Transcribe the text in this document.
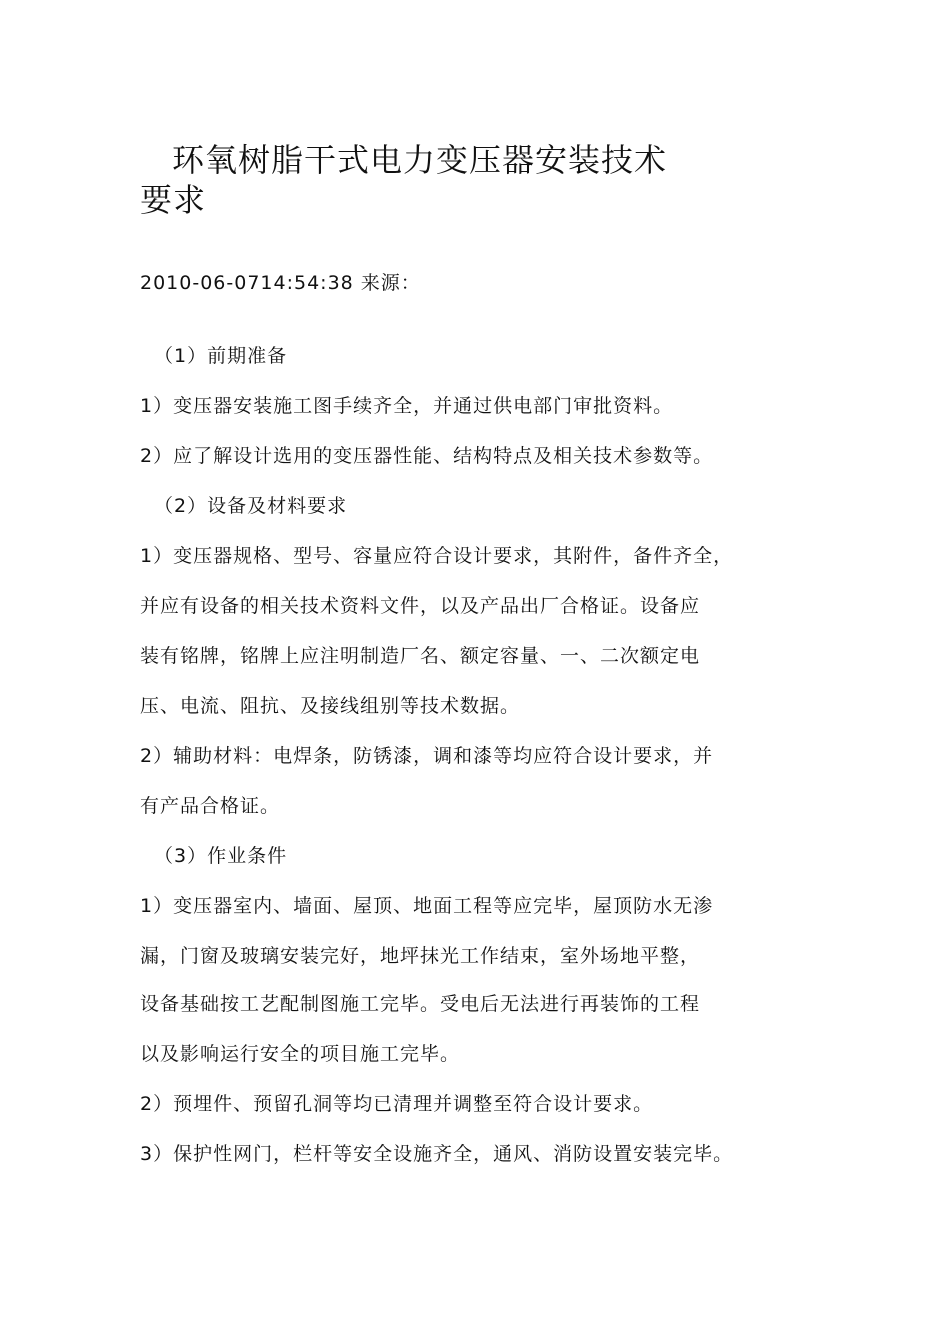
环氧树脂干式电力变压器安装技术
要求
2010-06-0714:54:38 来源：
（1）前期准备
1）变压器安装施工图手续齐全，并通过供电部门审批资料。
2）应了解设计选用的变压器性能、结构特点及相关技术参数等。
（2）设备及材料要求
1）变压器规格、型号、容量应符合设计要求，其附件，备件齐全，
并应有设备的相关技术资料文件，以及产品出厂合格证。设备应
装有铭牌，铭牌上应注明制造厂名、额定容量、一、二次额定电
压、电流、阻抗、及接线组别等技术数据。
2）辅助材料：电焊条，防锈漆，调和漆等均应符合设计要求，并
有产品合格证。
（3）作业条件
1）变压器室内、墙面、屋顶、地面工程等应完毕，屋顶防水无渗
漏，门窗及玻璃安装完好，地坪抹光工作结束，室外场地平整，
设备基础按工艺配制图施工完毕。受电后无法进行再装饰的工程
以及影响运行安全的项目施工完毕。
2）预埋件、预留孔洞等均已清理并调整至符合设计要求。
3）保护性网门，栏杆等安全设施齐全，通风、消防设置安装完毕。
